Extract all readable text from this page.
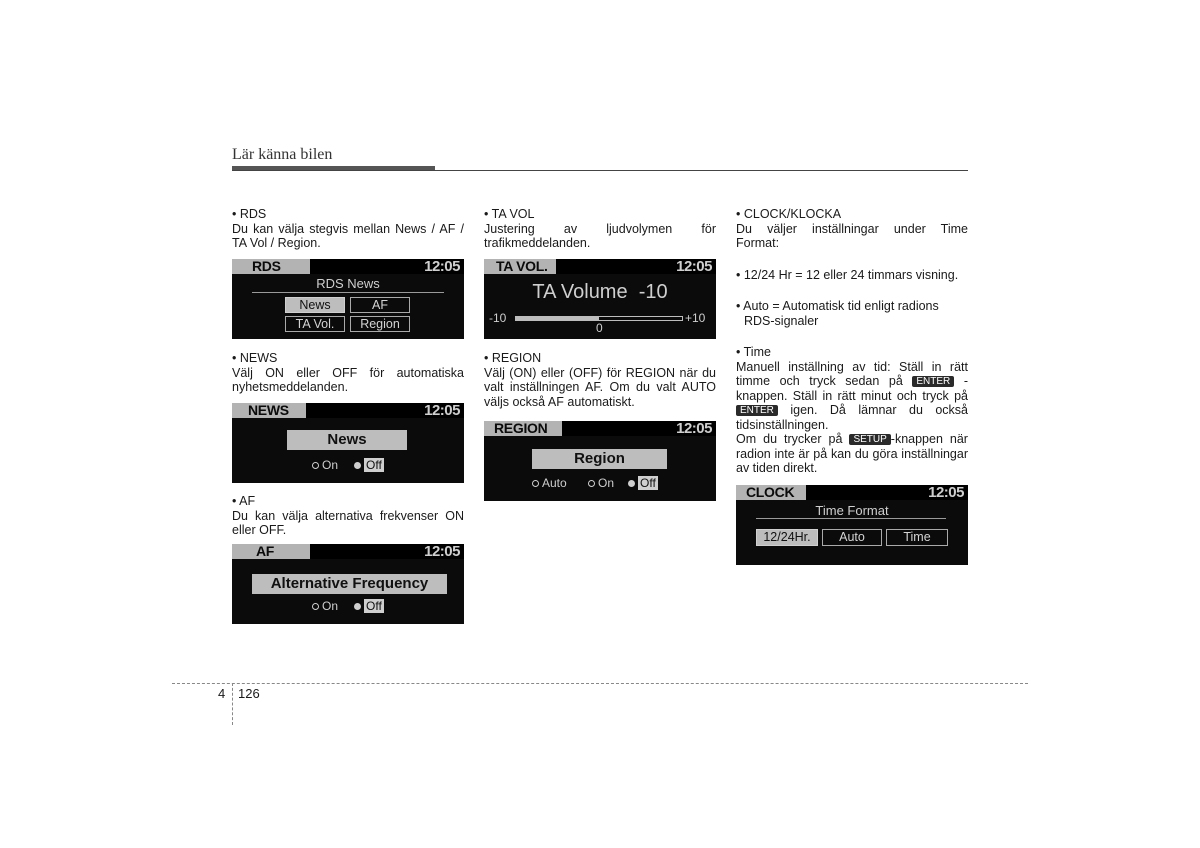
Lär känna bilen

• RDS

Du kan välja stegvis mellan News / AF / TA Vol / Region.

RDS	12:05
RDS News
News	AF
TA Vol.	Region

• NEWS

Välj ON eller OFF för automatiska nyhetsmeddelanden.

NEWS	12:05
News
On	Off

• AF

Du kan välja alternativa frekvenser ON eller OFF.

AF	12:05
Alternative Frequency
On	Off

• TA VOL

Justering av ljudvolymen för trafikmeddelanden.

TA VOL.	12:05
TA Volume  -10
-10	+10
0

• REGION

Välj (ON) eller (OFF) för REGION när du valt inställningen AF. Om du valt AUTO väljs också AF automatiskt.

REGION	12:05
Region
Auto	On	Off

• CLOCK/KLOCKA

Du väljer inställningar under Time Format:

• 12/24 Hr = 12 eller 24 timmars visning.

• Auto = Automatisk tid enligt radions

RDS-signaler

• Time

Manuell inställning av tid: Ställ in rätt timme och tryck sedan på ENTER -knappen. Ställ in rätt minut och tryck på ENTER igen. Då lämnar du också tidsinställningen.

Om du trycker på SETUP -knappen när radion inte är på kan du göra inställningar av tiden direkt.

CLOCK	12:05
Time Format
12/24Hr.	Auto	Time
4 126
